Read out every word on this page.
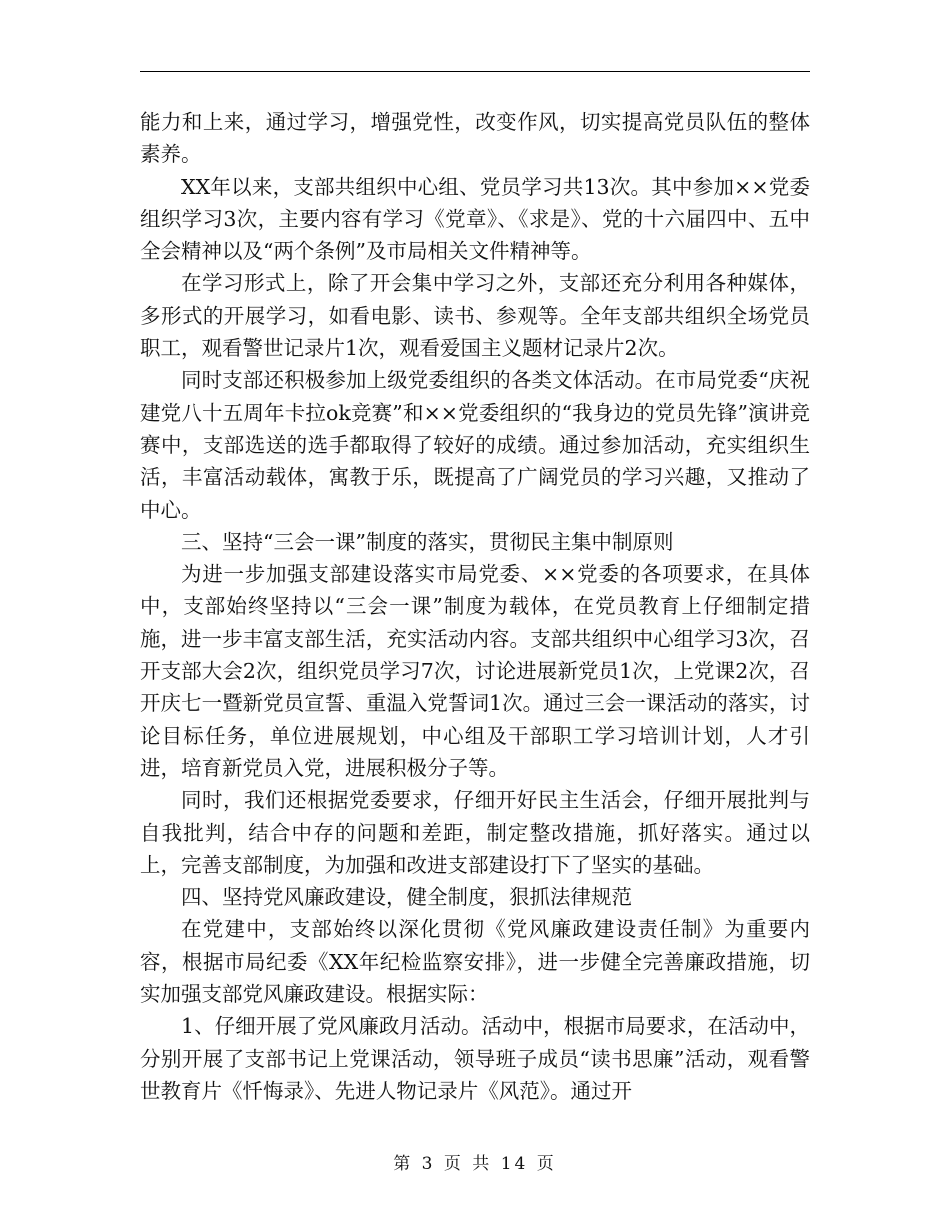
能力和上来，通过学习，增强党性，改变作风，切实提高党员队伍的整体素养。

XX年以来，支部共组织中心组、党员学习共13次。其中参加××党委组织学习3次，主要内容有学习《党章》、《求是》、党的十六届四中、五中全会精神以及“两个条例”及市局相关文件精神等。

在学习形式上，除了开会集中学习之外，支部还充分利用各种媒体，多形式的开展学习，如看电影、读书、参观等。全年支部共组织全场党员职工，观看警世记录片1次，观看爱国主义题材记录片2次。

同时支部还积极参加上级党委组织的各类文体活动。在市局党委“庆祝建党八十五周年卡拉ok竞赛”和××党委组织的“我身边的党员先锋”演讲竞赛中，支部选送的选手都取得了较好的成绩。通过参加活动，充实组织生活，丰富活动载体，寓教于乐，既提高了广阔党员的学习兴趣，又推动了中心。

三、坚持“三会一课”制度的落实，贯彻民主集中制原则

为进一步加强支部建设落实市局党委、××党委的各项要求，在具体中，支部始终坚持以“三会一课”制度为载体，在党员教育上仔细制定措施，进一步丰富支部生活，充实活动内容。支部共组织中心组学习3次，召开支部大会2次，组织党员学习7次，讨论进展新党员1次，上党课2次，召开庆七一暨新党员宣誓、重温入党誓词1次。通过三会一课活动的落实，讨论目标任务，单位进展规划，中心组及干部职工学习培训计划，人才引进，培育新党员入党，进展积极分子等。

同时，我们还根据党委要求，仔细开好民主生活会，仔细开展批判与自我批判，结合中存的问题和差距，制定整改措施，抓好落实。通过以上，完善支部制度，为加强和改进支部建设打下了坚实的基础。

四、坚持党风廉政建设，健全制度，狠抓法律规范

在党建中，支部始终以深化贯彻《党风廉政建设责任制》为重要内容，根据市局纪委《XX年纪检监察安排》，进一步健全完善廉政措施，切实加强支部党风廉政建设。根据实际：

1、仔细开展了党风廉政月活动。活动中，根据市局要求，在活动中，分别开展了支部书记上党课活动，领导班子成员“读书思廉”活动，观看警世教育片《忏悔录》、先进人物记录片《风范》。通过开

第 3 页 共 14 页
